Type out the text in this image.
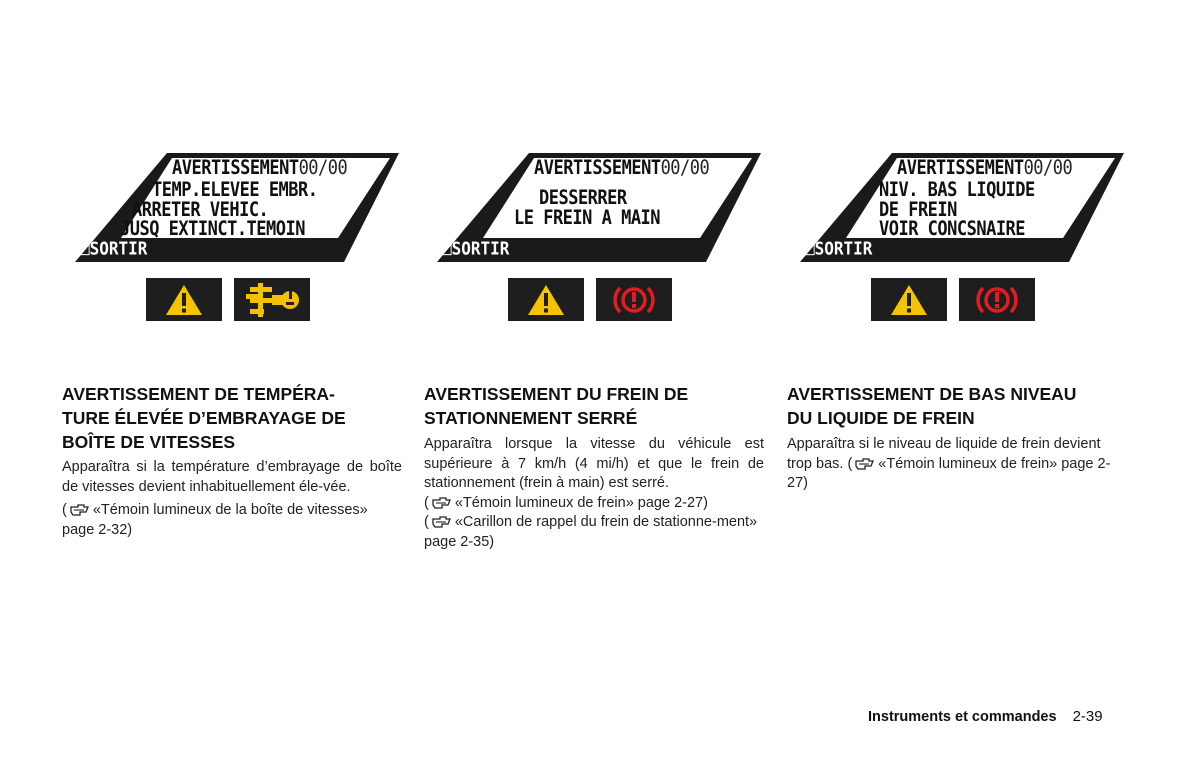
AVERTISSEMENT00/00
TEMP.ELEVEE EMBR.
ARRETER VEHIC.
JUSQ EXTINCT.TEMOIN
□SORTIR
AVERTISSEMENT DE TEMPÉRA-
TURE ÉLEVÉE D’EMBRAYAGE DE
BOÎTE DE VITESSES

Apparaîtra si la température d’embrayage de boîte de vitesses devient inhabituellement éle-vée.

( «Témoin lumineux de la boîte de vitesses» page 2-32)

AVERTISSEMENT00/00
DESSERRER
LE FREIN A MAIN
□SORTIR
AVERTISSEMENT DU FREIN DE
STATIONNEMENT SERRÉ

Apparaîtra lorsque la vitesse du véhicule est supérieure à 7 km/h (4 mi/h) et que le frein de stationnement (frein à main) est serré.

( «Témoin lumineux de frein» page 2-27)

( «Carillon de rappel du frein de stationne-ment» page 2-35)

AVERTISSEMENT00/00
NIV. BAS LIQUIDE
DE FREIN
VOIR CONCSNAIRE
□SORTIR
AVERTISSEMENT DE BAS NIVEAU
DU LIQUIDE DE FREIN

Apparaîtra si le niveau de liquide de frein devient trop bas. ( «Témoin lumineux de frein» page 2-27)

Instruments et commandes 2-39
